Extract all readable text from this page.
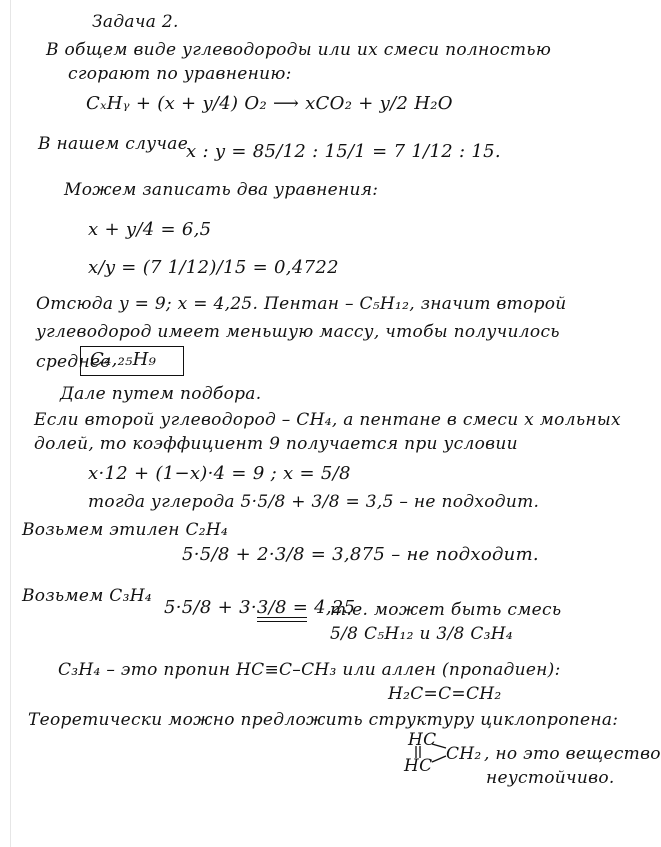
Задача 2.
В общем виде углеводороды или их смеси полностью
сгорают по уравнению:
CₓHᵧ + (x + y/4) O₂ ⟶ xCO₂ + y/2 H₂O
В нашем случае
x : y = 85/12 : 15/1 = 7 1/12 : 15.
Можем записать два уравнения:
x + y/4 = 6,5
x/y = (7 1/12)/15 = 0,4722
Отсюда y = 9; x = 4,25. Пентан – C₅H₁₂, значит второй
углеводород имеет меньшую массу, чтобы получилось
среднее
C₄,₂₅H₉
Дале путем подбора.
Если второй углеводород – CH₄, а пентане в смеси x мольных
долей, то коэффициент 9 получается при условии
x·12 + (1−x)·4 = 9 ; x = 5/8
тогда углерода 5·5/8 + 3/8 = 3,5 – не подходит.
Возьмем этилен C₂H₄
5·5/8 + 2·3/8 = 3,875 – не подходит.
Возьмем C₃H₄
5·5/8 + 3·3/8 = 4,25
т.е. может быть смесь
5/8 C₅H₁₂ и 3/8 C₃H₄
C₃H₄ – это пропин HC≡C–CH₃ или аллен (пропадиен):
H₂C=C=CH₂
Теоретически можно предложить структуру циклопропена:
HC
HC
CH₂ , но это вещество
неустойчиво.
